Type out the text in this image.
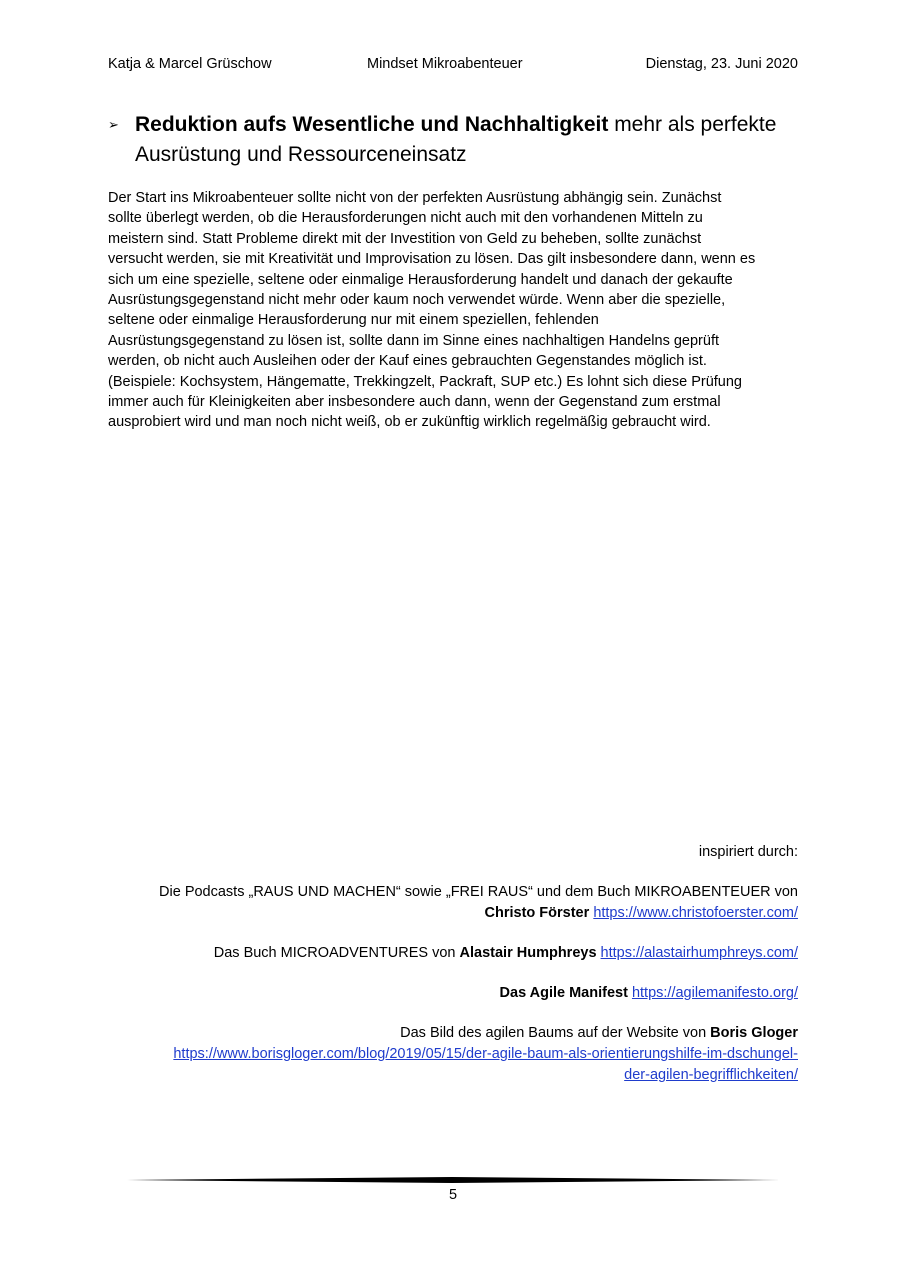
Katja & Marcel Grüschow	Mindset Mikroabenteuer	Dienstag, 23. Juni 2020
➢ Reduktion aufs Wesentliche und Nachhaltigkeit mehr als perfekte
Ausrüstung und Ressourceneinsatz
Der Start ins Mikroabenteuer sollte nicht von der perfekten Ausrüstung abhängig sein. Zunächst
sollte überlegt werden, ob die Herausforderungen nicht auch mit den vorhandenen Mitteln zu
meistern sind. Statt Probleme direkt mit der Investition von Geld zu beheben, sollte zunächst
versucht werden, sie mit Kreativität und Improvisation zu lösen. Das gilt insbesondere dann, wenn es
sich um eine spezielle, seltene oder einmalige Herausforderung handelt und danach der gekaufte
Ausrüstungsgegenstand nicht mehr oder kaum noch verwendet würde. Wenn aber die spezielle,
seltene oder einmalige Herausforderung nur mit einem speziellen, fehlenden
Ausrüstungsgegenstand zu lösen ist, sollte dann im Sinne eines nachhaltigen Handelns geprüft
werden, ob nicht auch Ausleihen oder der Kauf eines gebrauchten Gegenstandes möglich ist.
(Beispiele: Kochsystem, Hängematte, Trekkingzelt, Packraft, SUP etc.) Es lohnt sich diese Prüfung
immer auch für Kleinigkeiten aber insbesondere auch dann, wenn der Gegenstand zum erstmal
ausprobiert wird und man noch nicht weiß, ob er zukünftig wirklich regelmäßig gebraucht wird.

inspiriert durch:

Die Podcasts „RAUS UND MACHEN“ sowie „FREI RAUS“ und dem Buch MIKROABENTEUER von
Christo Förster https://www.christofoerster.com/

Das Buch MICROADVENTURES von Alastair Humphreys https://alastairhumphreys.com/

Das Agile Manifest https://agilemanifesto.org/

Das Bild des agilen Baums auf der Website von Boris Gloger
https://www.borisgloger.com/blog/2019/05/15/der-agile-baum-als-orientierungshilfe-im-dschungel-
der-agilen-begrifflichkeiten/

5
